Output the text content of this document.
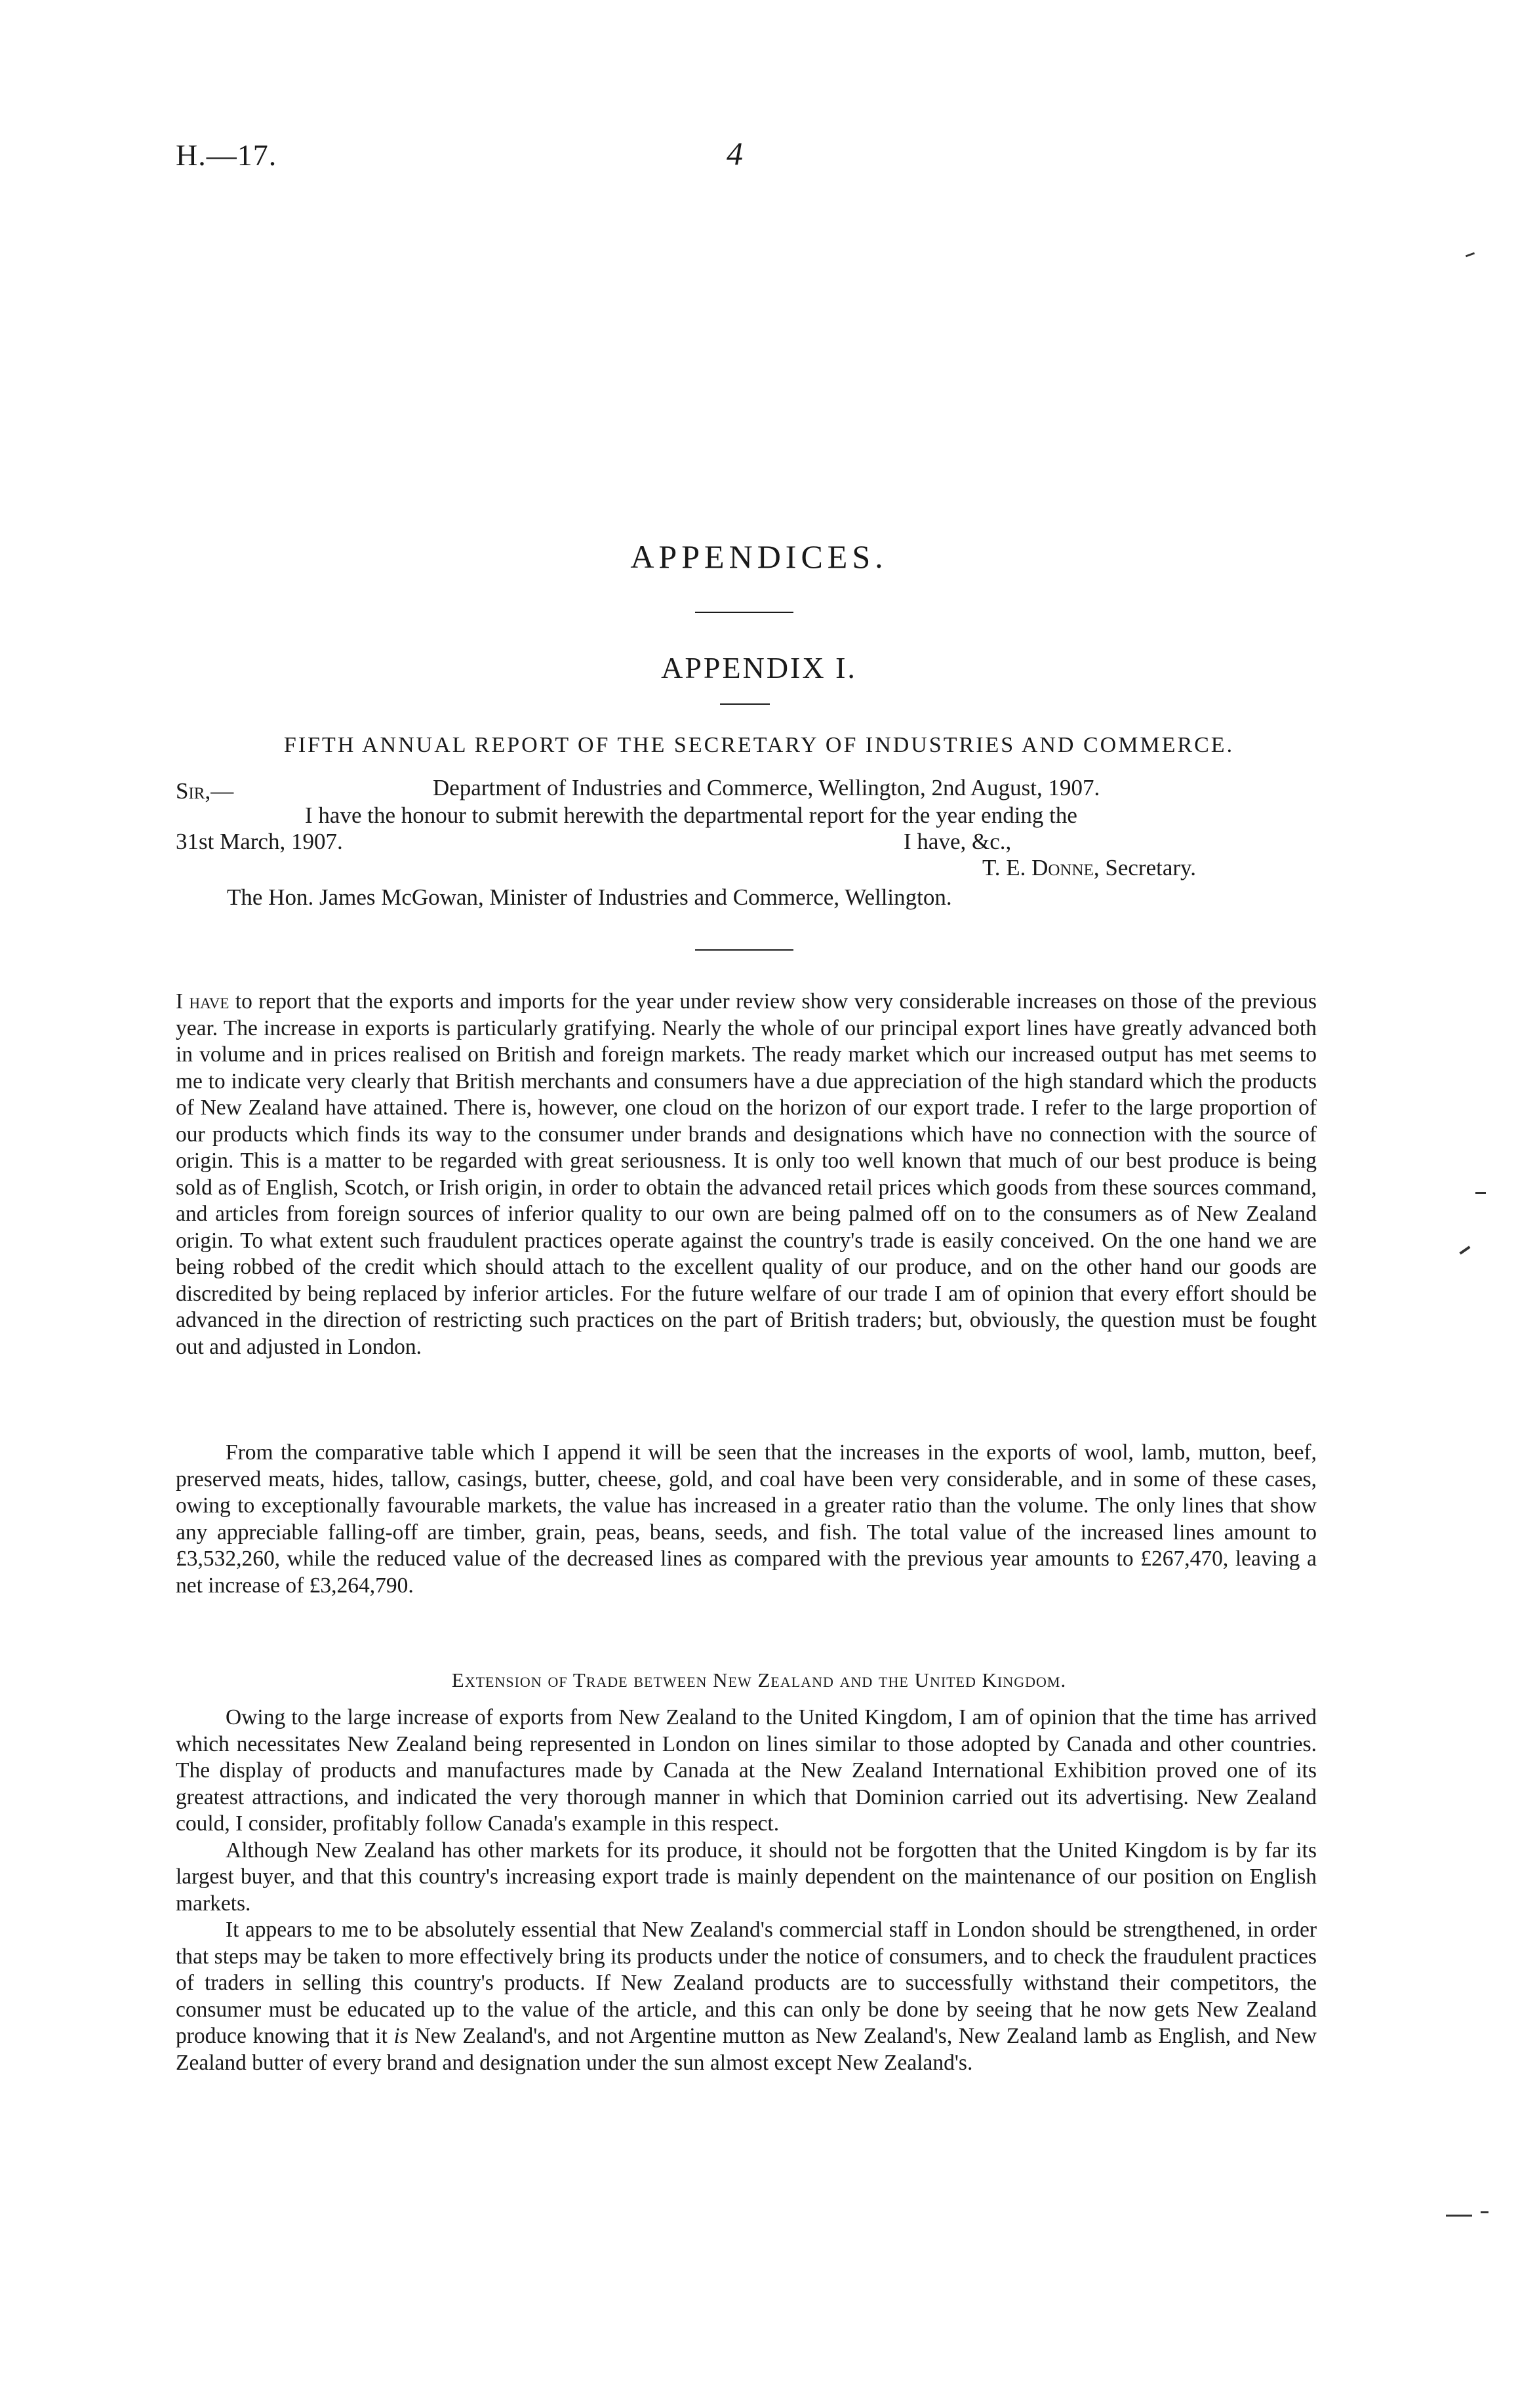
H.—17.	4
APPENDICES.
APPENDIX I.
FIFTH ANNUAL REPORT OF THE SECRETARY OF INDUSTRIES AND COMMERCE.
Sir,—	Department of Industries and Commerce, Wellington, 2nd August, 1907.
I have the honour to submit herewith the departmental report for the year ending the
31st March, 1907.	I have, &c.,
T. E. Donne, Secretary.
The Hon. James McGowan, Minister of Industries and Commerce, Wellington.

I have to report that the exports and imports for the year under review show very considerable increases on those of the previous year. The increase in exports is particularly gratifying. Nearly the whole of our principal export lines have greatly advanced both in volume and in prices realised on British and foreign markets. The ready market which our increased output has met seems to me to indicate very clearly that British merchants and consumers have a due appreciation of the high standard which the products of New Zealand have attained. There is, however, one cloud on the horizon of our export trade. I refer to the large proportion of our products which finds its way to the consumer under brands and designations which have no connection with the source of origin. This is a matter to be regarded with great seriousness. It is only too well known that much of our best produce is being sold as of English, Scotch, or Irish origin, in order to obtain the advanced retail prices which goods from these sources command, and articles from foreign sources of inferior quality to our own are being palmed off on to the consumers as of New Zealand origin. To what extent such fraudulent practices operate against the country's trade is easily conceived. On the one hand we are being robbed of the credit which should attach to the excellent quality of our produce, and on the other hand our goods are discredited by being replaced by inferior articles. For the future welfare of our trade I am of opinion that every effort should be advanced in the direction of restricting such practices on the part of British traders; but, obviously, the question must be fought out and adjusted in London.

From the comparative table which I append it will be seen that the increases in the exports of wool, lamb, mutton, beef, preserved meats, hides, tallow, casings, butter, cheese, gold, and coal have been very considerable, and in some of these cases, owing to exceptionally favourable markets, the value has increased in a greater ratio than the volume. The only lines that show any appreciable falling-off are timber, grain, peas, beans, seeds, and fish. The total value of the increased lines amount to £3,532,260, while the reduced value of the decreased lines as compared with the previous year amounts to £267,470, leaving a net increase of £3,264,790.

Extension of Trade between New Zealand and the United Kingdom.

Owing to the large increase of exports from New Zealand to the United Kingdom, I am of opinion that the time has arrived which necessitates New Zealand being represented in London on lines similar to those adopted by Canada and other countries. The display of products and manufactures made by Canada at the New Zealand International Exhibition proved one of its greatest attractions, and indicated the very thorough manner in which that Dominion carried out its advertising. New Zealand could, I consider, profitably follow Canada's example in this respect.

Although New Zealand has other markets for its produce, it should not be forgotten that the United Kingdom is by far its largest buyer, and that this country's increasing export trade is mainly dependent on the maintenance of our position on English markets.

It appears to me to be absolutely essential that New Zealand's commercial staff in London should be strengthened, in order that steps may be taken to more effectively bring its products under the notice of consumers, and to check the fraudulent practices of traders in selling this country's products. If New Zealand products are to successfully withstand their competitors, the consumer must be educated up to the value of the article, and this can only be done by seeing that he now gets New Zealand produce knowing that it is New Zealand's, and not Argentine mutton as New Zealand's, New Zealand lamb as English, and New Zealand butter of every brand and designation under the sun almost except New Zealand's.
